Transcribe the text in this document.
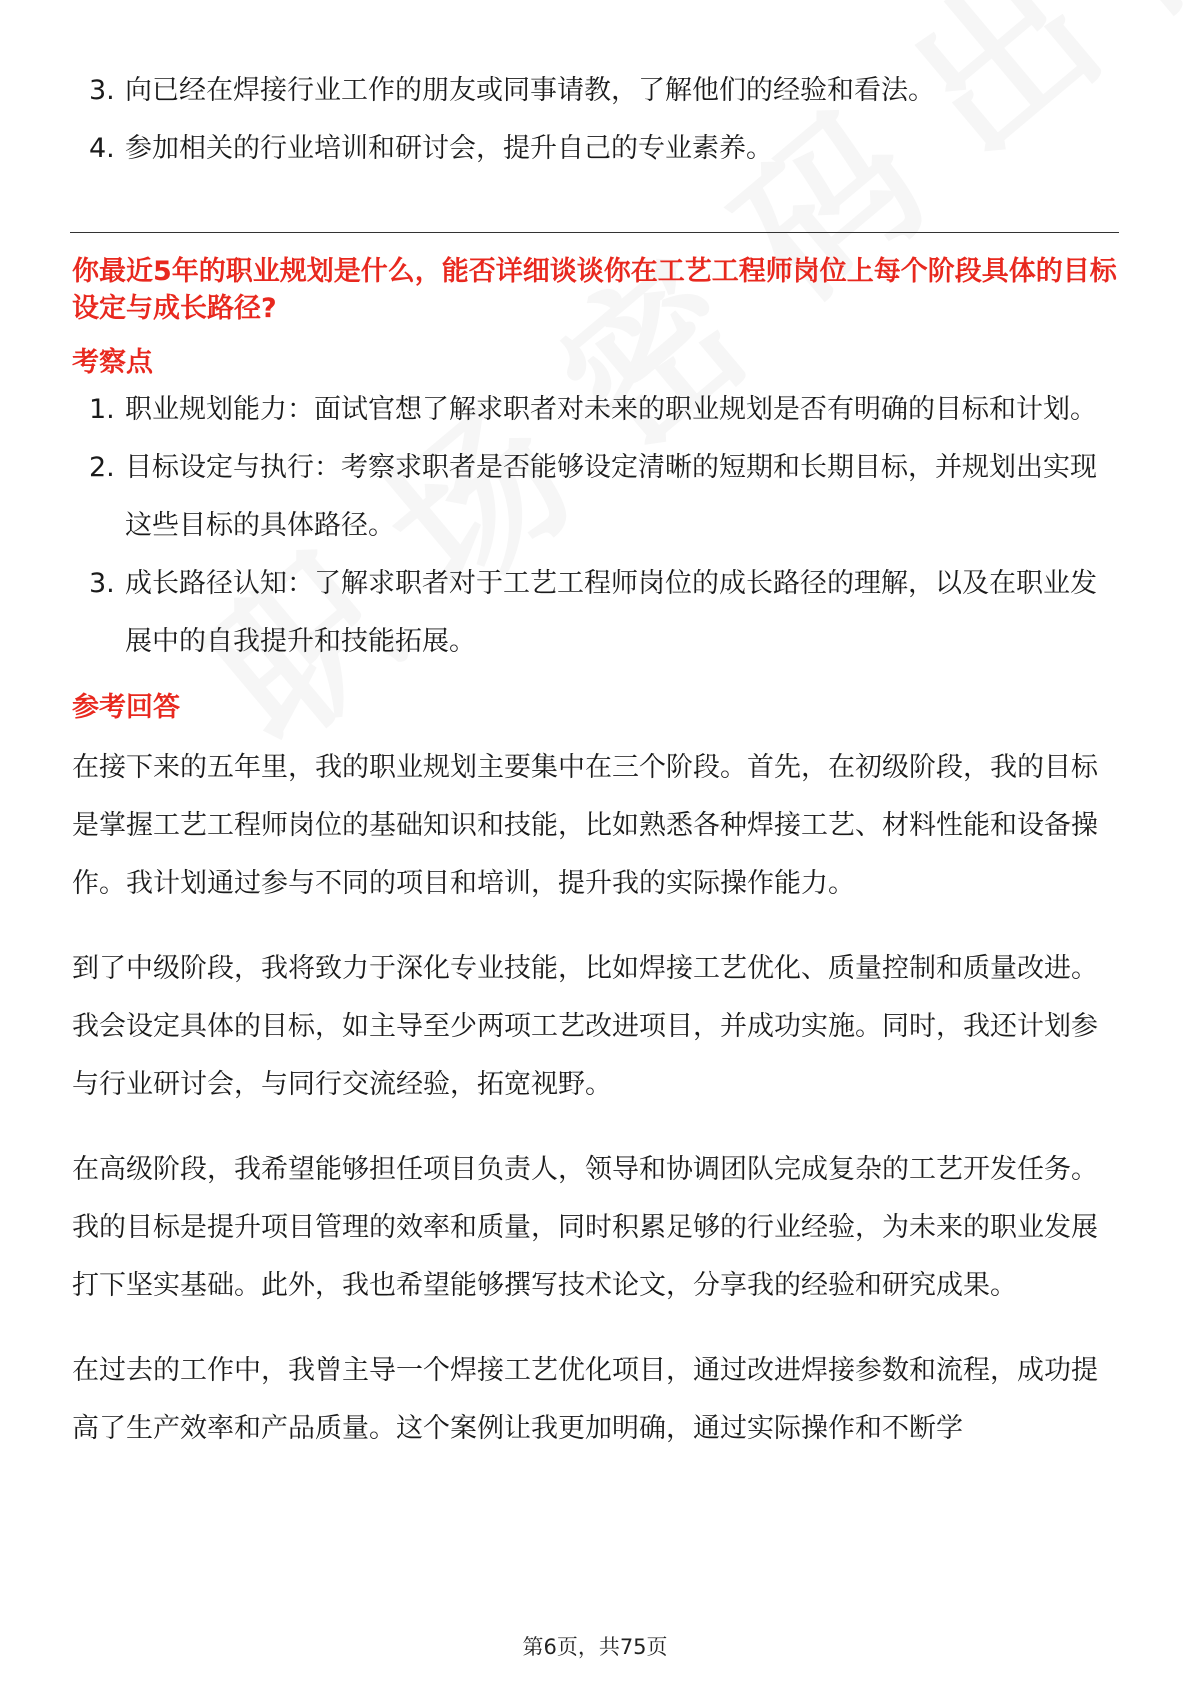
3. 向已经在焊接行业工作的朋友或同事请教，了解他们的经验和看法。
4. 参加相关的行业培训和研讨会，提升自己的专业素养。
你最近5年的职业规划是什么，能否详细谈谈你在工艺工程师岗位上每个阶段具体的目标设定与成长路径?
考察点
1. 职业规划能力：面试官想了解求职者对未来的职业规划是否有明确的目标和计划。
2. 目标设定与执行：考察求职者是否能够设定清晰的短期和长期目标，并规划出实现这些目标的具体路径。
3. 成长路径认知：了解求职者对于工艺工程师岗位的成长路径的理解，以及在职业发展中的自我提升和技能拓展。
参考回答

在接下来的五年里，我的职业规划主要集中在三个阶段。首先，在初级阶段，我的目标是掌握工艺工程师岗位的基础知识和技能，比如熟悉各种焊接工艺、材料性能和设备操作。我计划通过参与不同的项目和培训，提升我的实际操作能力。

到了中级阶段，我将致力于深化专业技能，比如焊接工艺优化、质量控制和质量改进。我会设定具体的目标，如主导至少两项工艺改进项目，并成功实施。同时，我还计划参与行业研讨会，与同行交流经验，拓宽视野。

在高级阶段，我希望能够担任项目负责人，领导和协调团队完成复杂的工艺开发任务。我的目标是提升项目管理的效率和质量，同时积累足够的行业经验，为未来的职业发展打下坚实基础。此外，我也希望能够撰写技术论文，分享我的经验和研究成果。

在过去的工作中，我曾主导一个焊接工艺优化项目，通过改进焊接参数和流程，成功提高了生产效率和产品质量。这个案例让我更加明确，通过实际操作和不断学

第6页，共75页
